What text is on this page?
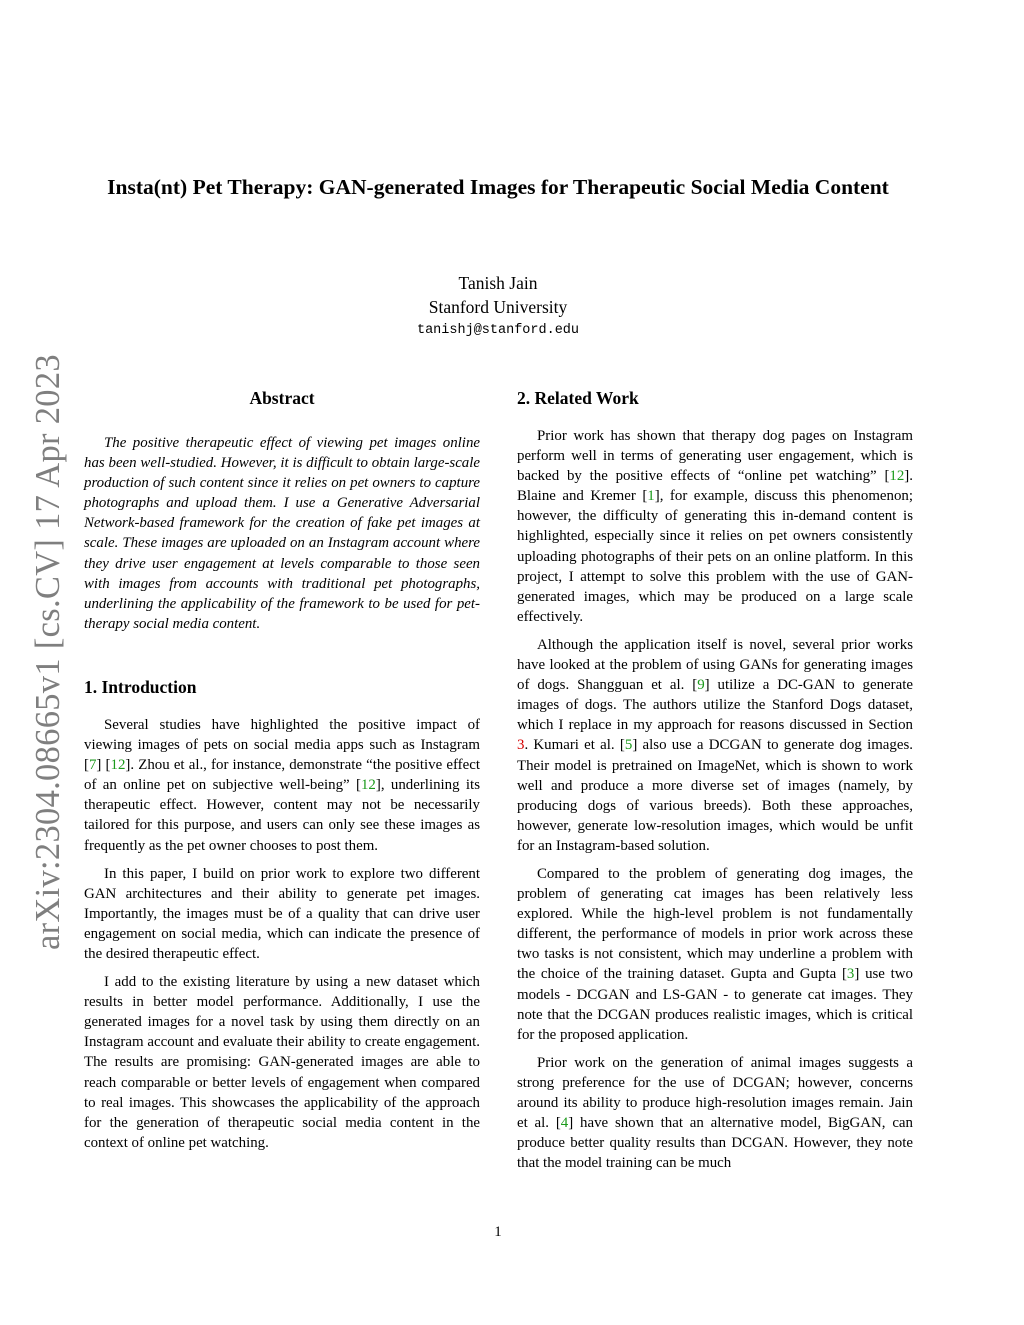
Insta(nt) Pet Therapy: GAN-generated Images for Therapeutic Social Media Content
Tanish Jain
Stanford University
tanishj@stanford.edu
arXiv:2304.08665v1 [cs.CV] 17 Apr 2023	Abstract

The positive therapeutic effect of viewing pet images online has been well-studied. However, it is difficult to obtain large-scale production of such content since it relies on pet owners to capture photographs and upload them. I use a Generative Adversarial Network-based framework for the creation of fake pet images at scale. These images are uploaded on an Instagram account where they drive user engagement at levels comparable to those seen with images from accounts with traditional pet photographs, underlining the applicability of the framework to be used for pet-therapy social media content.

1. Introduction

Several studies have highlighted the positive impact of viewing images of pets on social media apps such as Instagram [7] [12]. Zhou et al., for instance, demonstrate “the positive effect of an online pet on subjective well-being” [12], underlining its therapeutic effect. However, content may not be necessarily tailored for this purpose, and users can only see these images as frequently as the pet owner chooses to post them.

In this paper, I build on prior work to explore two different GAN architectures and their ability to generate pet images. Importantly, the images must be of a quality that can drive user engagement on social media, which can indicate the presence of the desired therapeutic effect.

I add to the existing literature by using a new dataset which results in better model performance. Additionally, I use the generated images for a novel task by using them directly on an Instagram account and evaluate their ability to create engagement. The results are promising: GAN-generated images are able to reach comparable or better levels of engagement when compared to real images. This showcases the applicability of the approach for the generation of therapeutic social media content in the context of online pet watching.

2. Related Work

Prior work has shown that therapy dog pages on Instagram perform well in terms of generating user engagement, which is backed by the positive effects of “online pet watching” [12]. Blaine and Kremer [1], for example, discuss this phenomenon; however, the difficulty of generating this in-demand content is highlighted, especially since it relies on pet owners consistently uploading photographs of their pets on an online platform. In this project, I attempt to solve this problem with the use of GAN-generated images, which may be produced on a large scale effectively.

Although the application itself is novel, several prior works have looked at the problem of using GANs for generating images of dogs. Shangguan et al. [9] utilize a DC-GAN to generate images of dogs. The authors utilize the Stanford Dogs dataset, which I replace in my approach for reasons discussed in Section 3. Kumari et al. [5] also use a DCGAN to generate dog images. Their model is pretrained on ImageNet, which is shown to work well and produce a more diverse set of images (namely, by producing dogs of various breeds). Both these approaches, however, generate low-resolution images, which would be unfit for an Instagram-based solution.

Compared to the problem of generating dog images, the problem of generating cat images has been relatively less explored. While the high-level problem is not fundamentally different, the performance of models in prior work across these two tasks is not consistent, which may underline a problem with the choice of the training dataset. Gupta and Gupta [3] use two models - DCGAN and LS-GAN - to generate cat images. They note that the DCGAN produces realistic images, which is critical for the proposed application.

Prior work on the generation of animal images suggests a strong preference for the use of DCGAN; however, concerns around its ability to produce high-resolution images remain. Jain et al. [4] have shown that an alternative model, BigGAN, can produce better quality results than DCGAN. However, they note that the model training can be much

1
